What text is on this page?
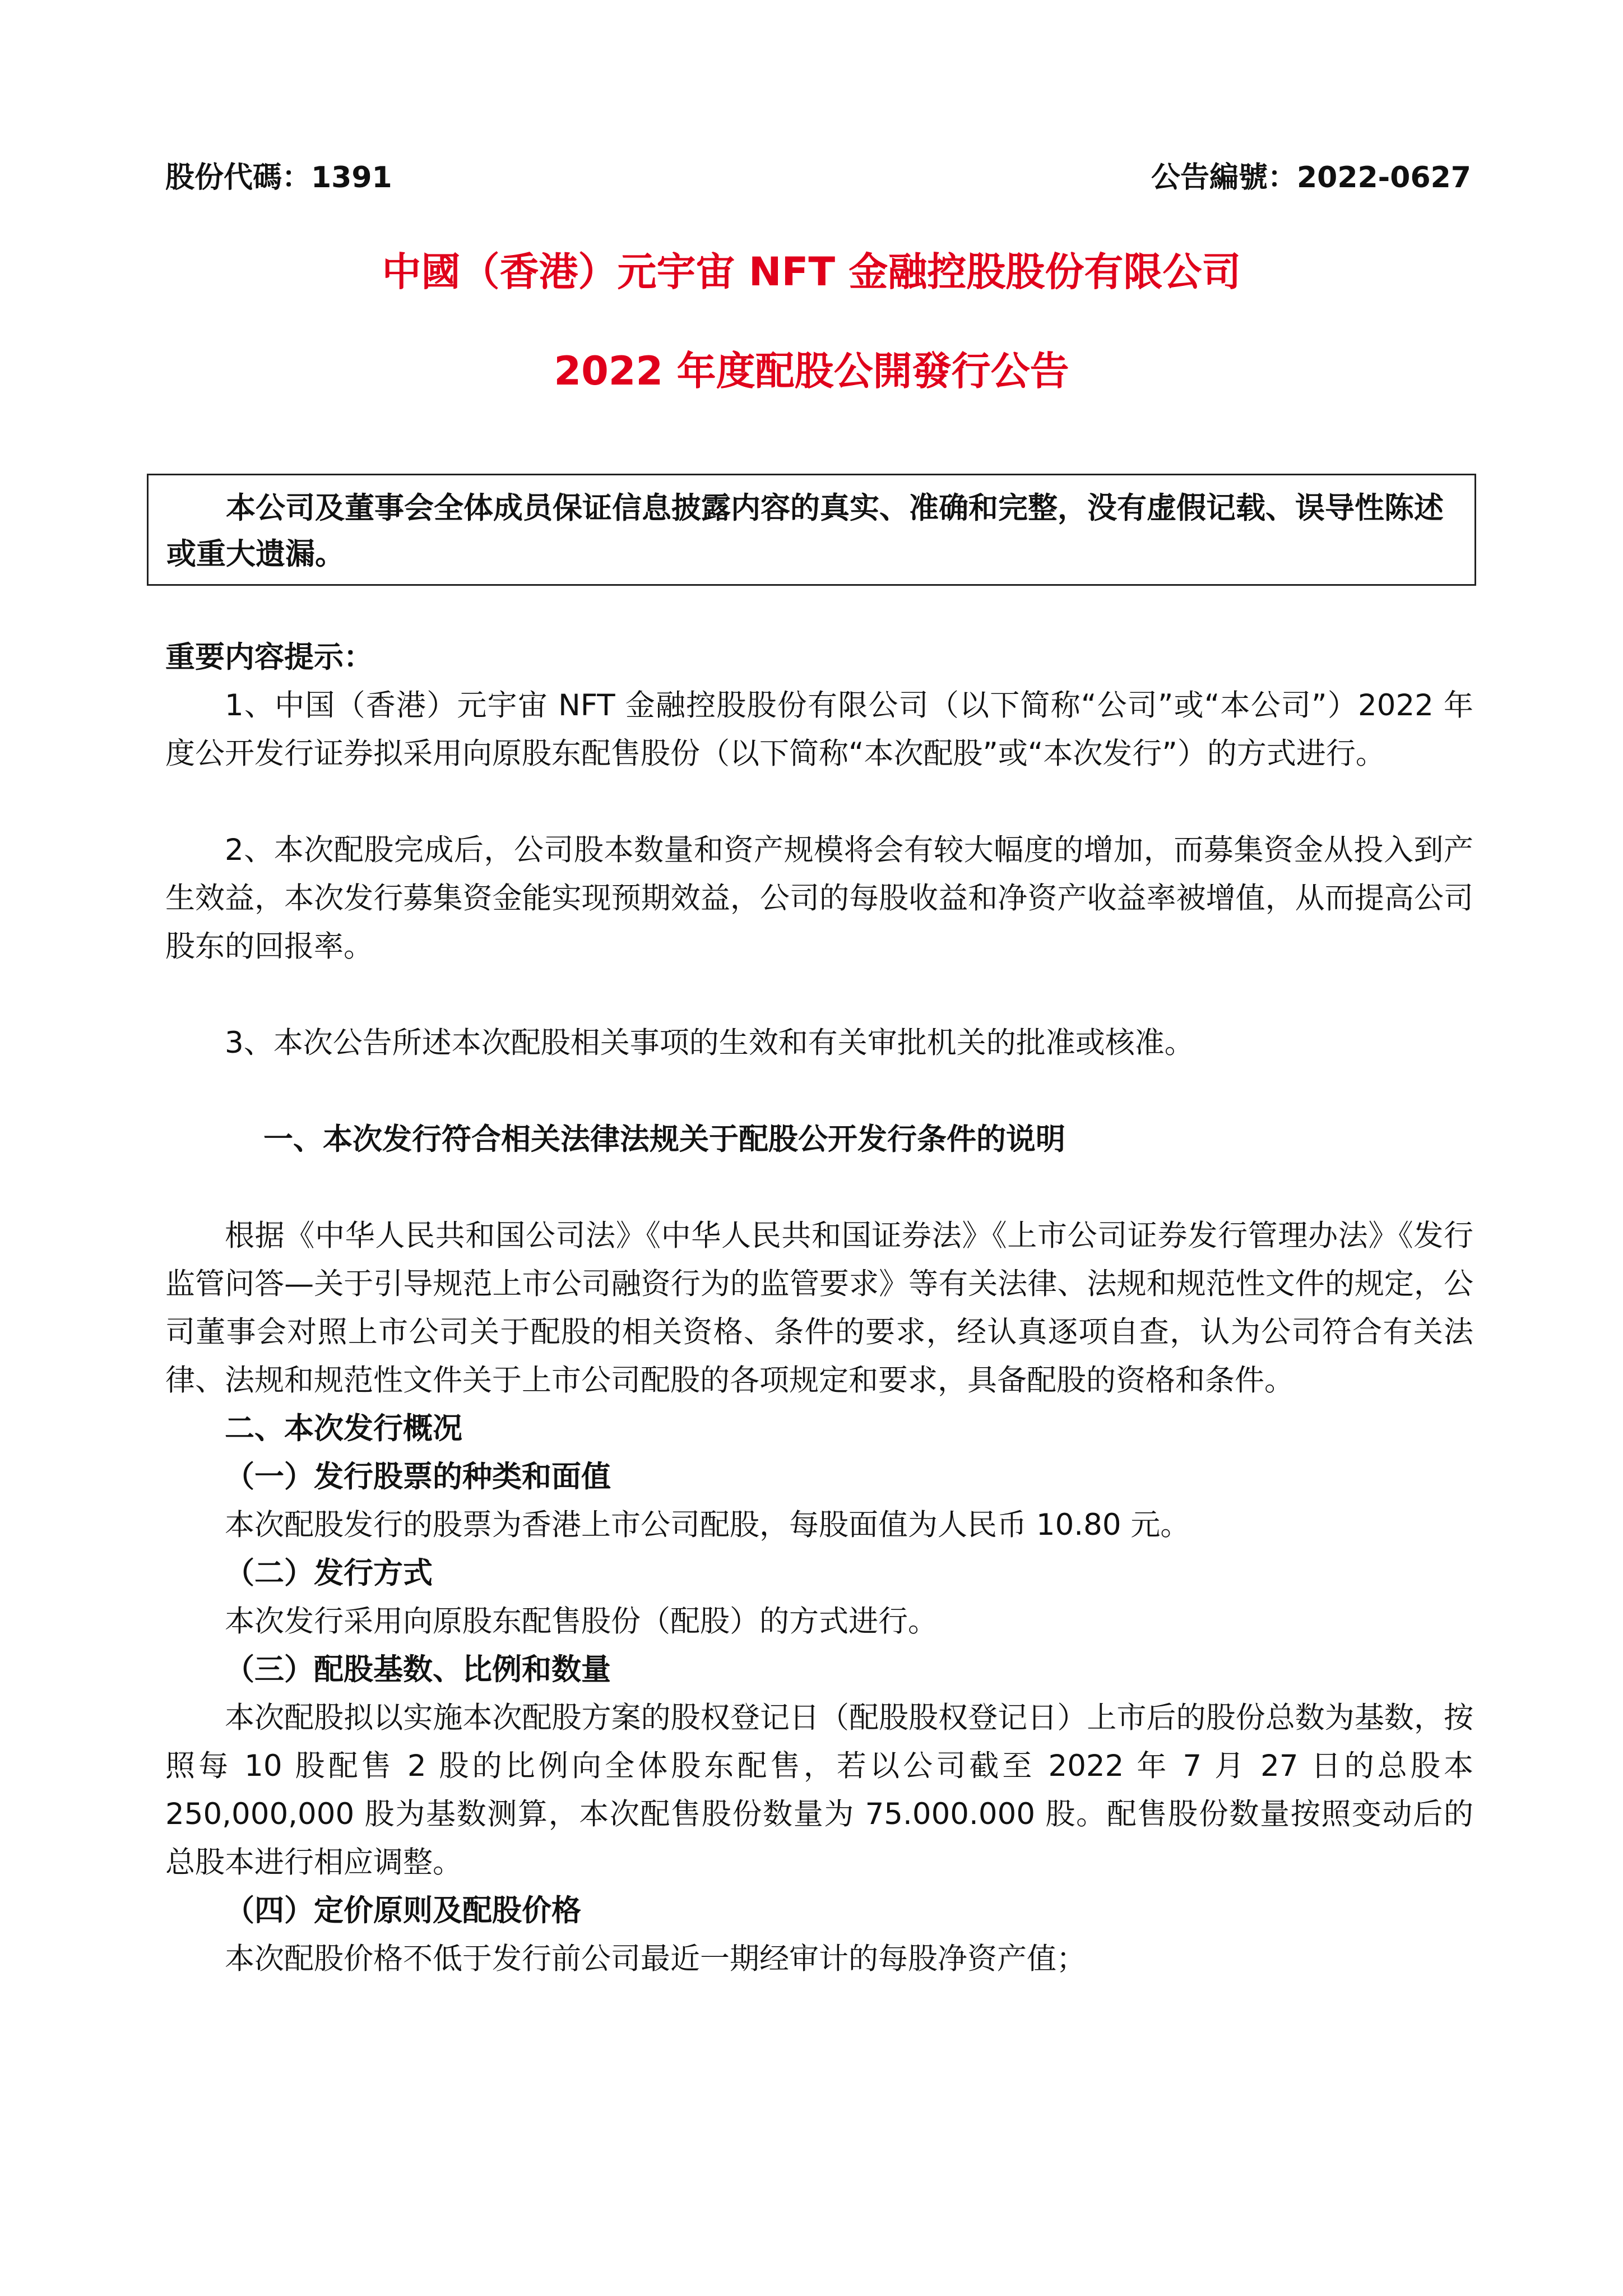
股份代碼：1391	公告編號：2022-0627
中國（香港）元宇宙 NFT 金融控股股份有限公司
2022 年度配股公開發行公告

本公司及董事会全体成员保证信息披露内容的真实、准确和完整，没有虚假记载、误导性陈述或重大遗漏。

重要内容提示：

1、中国（香港）元宇宙 NFT 金融控股股份有限公司（以下简称“公司”或“本公司”）2022 年度公开发行证券拟采用向原股东配售股份（以下简称“本次配股”或“本次发行”）的方式进行。

2、本次配股完成后，公司股本数量和资产规模将会有较大幅度的增加，而募集资金从投入到产生效益，本次发行募集资金能实现预期效益，公司的每股收益和净资产收益率被增值，从而提高公司股东的回报率。

3、本次公告所述本次配股相关事项的生效和有关审批机关的批准或核准。

一、本次发行符合相关法律法规关于配股公开发行条件的说明

根据《中华人民共和国公司法》《中华人民共和国证券法》《上市公司证券发行管理办法》《发行监管问答—关于引导规范上市公司融资行为的监管要求》等有关法律、法规和规范性文件的规定，公司董事会对照上市公司关于配股的相关资格、条件的要求，经认真逐项自查，认为公司符合有关法律、法规和规范性文件关于上市公司配股的各项规定和要求，具备配股的资格和条件。

二、本次发行概况

（一）发行股票的种类和面值

本次配股发行的股票为香港上市公司配股，每股面值为人民币 10.80 元。

（二）发行方式

本次发行采用向原股东配售股份（配股）的方式进行。

（三）配股基数、比例和数量

本次配股拟以实施本次配股方案的股权登记日（配股股权登记日）上市后的股份总数为基数，按照每 10 股配售 2 股的比例向全体股东配售，若以公司截至 2022 年 7 月 27 日的总股本 250,000,000 股为基数测算，本次配售股份数量为 75.000.000 股。配售股份数量按照变动后的总股本进行相应调整。

（四）定价原则及配股价格

本次配股价格不低于发行前公司最近一期经审计的每股净资产值；
